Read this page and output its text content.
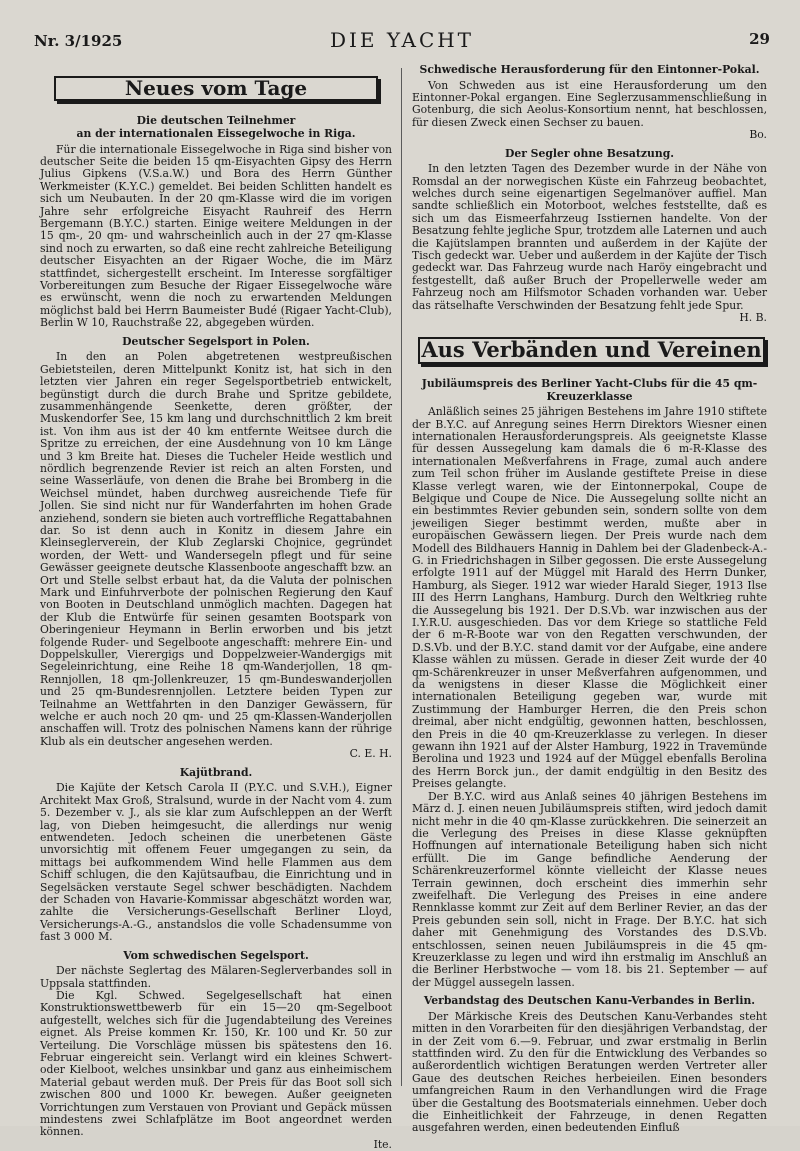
Nr. 3/1925	DIE YACHT	29
Neues vom Tage
Die deutschen Teilnehmer
an der internationalen Eissegelwoche in Riga.

Für die internationale Eissegelwoche in Riga sind bisher von deutscher Seite die beiden 15 qm-Eisyachten Gipsy des Herrn Julius Gipkens (V.S.a.W.) und Bora des Herrn Günther Werkmeister (K.Y.C.) gemeldet. Bei beiden Schlitten handelt es sich um Neubauten. In der 20 qm-Klasse wird die im vorigen Jahre sehr erfolgreiche Eisyacht Rauhreif des Herrn Bergemann (B.Y.C.) starten. Einige weitere Meldungen in der 15 qm-, 20 qm- und wahrscheinlich auch in der 27 qm-Klasse sind noch zu erwarten, so daß eine recht zahlreiche Beteiligung deutscher Eisyachten an der Rigaer Woche, die im März stattfindet, sichergestellt erscheint. Im Interesse sorgfältiger Vorbereitungen zum Besuche der Rigaer Eissegelwoche wäre es erwünscht, wenn die noch zu erwartenden Meldungen möglichst bald bei Herrn Baumeister Budé (Rigaer Yacht-Club), Berlin W 10, Rauchstraße 22, abgegeben würden.

Deutscher Segelsport in Polen.

In den an Polen abgetretenen westpreußischen Gebietsteilen, deren Mittelpunkt Konitz ist, hat sich in den letzten vier Jahren ein reger Segelsportbetrieb entwickelt, begünstigt durch die durch Brahe und Spritze gebildete, zusammenhängende Seenkette, deren größter, der Muskendorfer See, 15 km lang und durchschnittlich 2 km breit ist. Von ihm aus ist der 40 km entfernte Weitsee durch die Spritze zu erreichen, der eine Ausdehnung von 10 km Länge und 3 km Breite hat. Dieses die Tucheler Heide westlich und nördlich begrenzende Revier ist reich an alten Forsten, und seine Wasserläufe, von denen die Brahe bei Bromberg in die Weichsel mündet, haben durchweg ausreichende Tiefe für Jollen. Sie sind nicht nur für Wanderfahrten im hohen Grade anziehend, sondern sie bieten auch vortreffliche Regattabahnen dar. So ist denn auch in Konitz in diesem Jahre ein Kleinseglerverein, der Klub Zeglarski Chojnice, gegründet worden, der Wett- und Wandersegeln pflegt und für seine Gewässer geeignete deutsche Klassenboote angeschafft bzw. an Ort und Stelle selbst erbaut hat, da die Valuta der polnischen Mark und Einfuhrverbote der polnischen Regierung den Kauf von Booten in Deutschland unmöglich machten. Dagegen hat der Klub die Entwürfe für seinen gesamten Bootspark von Oberingenieur Heymann in Berlin erworben und bis jetzt folgende Ruder- und Segelboote angeschafft: mehrere Ein- und Doppelskuller, Vierergigs und Doppelzweier-Wandergigs mit Segeleinrichtung, eine Reihe 18 qm-Wanderjollen, 18 qm-Rennjollen, 18 qm-Jollenkreuzer, 15 qm-Bundeswanderjollen und 25 qm-Bundesrennjollen. Letztere beiden Typen zur Teilnahme an Wettfahrten in den Danziger Gewässern, für welche er auch noch 20 qm- und 25 qm-Klassen-Wanderjollen anschaffen will. Trotz des polnischen Namens kann der rührige Klub als ein deutscher angesehen werden.

C. E. H.
Kajütbrand.

Die Kajüte der Ketsch Carola II (P.Y.C. und S.V.H.), Eigner Architekt Max Groß, Stralsund, wurde in der Nacht vom 4. zum 5. Dezember v. J., als sie klar zum Aufschleppen an der Werft lag, von Dieben heimgesucht, die allerdings nur wenig entwendeten. Jedoch scheinen die unerbetenen Gäste unvorsichtig mit offenem Feuer umgegangen zu sein, da mittags bei aufkommendem Wind helle Flammen aus dem Schiff schlugen, die den Kajütsaufbau, die Einrichtung und in Segelsäcken verstaute Segel schwer beschädigten. Nachdem der Schaden von Havarie-Kommissar abgeschätzt worden war, zahlte die Versicherungs-Gesellschaft Berliner Lloyd, Versicherungs-A.-G., anstandslos die volle Schadensumme von fast 3 000 M.

Vom schwedischen Segelsport.

Der nächste Seglertag des Mälaren-Seglerverbandes soll in Uppsala stattfinden.

Die Kgl. Schwed. Segelgesellschaft hat einen Konstruktionswettbewerb für ein 15—20 qm-Segelboot aufgestellt, welches sich für die Jugendabteilung des Vereines eignet. Als Preise kommen Kr. 150, Kr. 100 und Kr. 50 zur Verteilung. Die Vorschläge müssen bis spätestens den 16. Februar eingereicht sein. Verlangt wird ein kleines Schwert- oder Kielboot, welches unsinkbar und ganz aus einheimischem Material gebaut werden muß. Der Preis für das Boot soll sich zwischen 800 und 1000 Kr. bewegen. Außer geeigneten Vorrichtungen zum Verstauen von Proviant und Gepäck müssen mindestens zwei Schlafplätze im Boot angeordnet werden können.

Ite.
Schwedische Herausforderung für den Eintonner-Pokal.

Von Schweden aus ist eine Herausforderung um den Eintonner-Pokal ergangen. Eine Seglerzusammenschließung in Gotenburg, die sich Aeolus-Konsortium nennt, hat beschlossen, für diesen Zweck einen Sechser zu bauen.

Bo.
Der Segler ohne Besatzung.

In den letzten Tagen des Dezember wurde in der Nähe von Romsdal an der norwegischen Küste ein Fahrzeug beobachtet, welches durch seine eigenartigen Segelmanöver auffiel. Man sandte schließlich ein Motorboot, welches feststellte, daß es sich um das Eismeerfahrzeug Isstiernen handelte. Von der Besatzung fehlte jegliche Spur, trotzdem alle Laternen und auch die Kajütslampen brannten und außerdem in der Kajüte der Tisch gedeckt war. Ueber und außerdem in der Kajüte der Tisch gedeckt war. Das Fahrzeug wurde nach Haröy eingebracht und festgestellt, daß außer Bruch der Propellerwelle weder am Fahrzeug noch am Hilfsmotor Schaden vorhanden war. Ueber das rätselhafte Verschwinden der Besatzung fehlt jede Spur.

H. B.
Aus Verbänden und Vereinen
Jubiläumspreis des Berliner Yacht-Clubs für die 45 qm-Kreuzerklasse

Anläßlich seines 25 jährigen Bestehens im Jahre 1910 stiftete der B.Y.C. auf Anregung seines Herrn Direktors Wiesner einen internationalen Herausforderungspreis. Als geeignetste Klasse für dessen Aussegelung kam damals die 6 m-R-Klasse des internationalen Meßverfahrens in Frage, zumal auch andere zum Teil schon früher im Auslande gestiftete Preise in diese Klasse verlegt waren, wie der Eintonnerpokal, Coupe de Belgique und Coupe de Nice. Die Aussegelung sollte nicht an ein bestimmtes Revier gebunden sein, sondern sollte von dem jeweiligen Sieger bestimmt werden, mußte aber in europäischen Gewässern liegen. Der Preis wurde nach dem Modell des Bildhauers Hannig in Dahlem bei der Gladenbeck-A.-G. in Friedrichshagen in Silber gegossen. Die erste Aussegelung erfolgte 1911 auf der Müggel mit Harald des Herrn Dunker, Hamburg, als Sieger. 1912 war wieder Harald Sieger, 1913 Ilse III des Herrn Langhans, Hamburg. Durch den Weltkrieg ruhte die Aussegelung bis 1921. Der D.S.Vb. war inzwischen aus der I.Y.R.U. ausgeschieden. Das vor dem Kriege so stattliche Feld der 6 m-R-Boote war von den Regatten verschwunden, der D.S.Vb. und der B.Y.C. stand damit vor der Aufgabe, eine andere Klasse wählen zu müssen. Gerade in dieser Zeit wurde der 40 qm-Schärenkreuzer in unser Meßverfahren aufgenommen, und da wenigstens in dieser Klasse die Möglichkeit einer internationalen Beteiligung gegeben war, wurde mit Zustimmung der Hamburger Herren, die den Preis schon dreimal, aber nicht endgültig, gewonnen hatten, beschlossen, den Preis in die 40 qm-Kreuzerklasse zu verlegen. In dieser gewann ihn 1921 auf der Alster Hamburg, 1922 in Travemünde Berolina und 1923 und 1924 auf der Müggel ebenfalls Berolina des Herrn Borck jun., der damit endgültig in den Besitz des Preises gelangte.

Der B.Y.C. wird aus Anlaß seines 40 jährigen Bestehens im März d. J. einen neuen Jubiläumspreis stiften, wird jedoch damit nicht mehr in die 40 qm-Klasse zurückkehren. Die seinerzeit an die Verlegung des Preises in diese Klasse geknüpften Hoffnungen auf internationale Beteiligung haben sich nicht erfüllt. Die im Gange befindliche Aenderung der Schärenkreuzerformel könnte vielleicht der Klasse neues Terrain gewinnen, doch erscheint dies immerhin sehr zweifelhaft. Die Verlegung des Preises in eine andere Rennklasse kommt zur Zeit auf dem Berliner Revier, an das der Preis gebunden sein soll, nicht in Frage. Der B.Y.C. hat sich daher mit Genehmigung des Vorstandes des D.S.Vb. entschlossen, seinen neuen Jubiläumspreis in die 45 qm-Kreuzerklasse zu legen und wird ihn erstmalig im Anschluß an die Berliner Herbstwoche — vom 18. bis 21. September — auf der Müggel aussegeln lassen.

Verbandstag des Deutschen Kanu-Verbandes in Berlin.

Der Märkische Kreis des Deutschen Kanu-Verbandes steht mitten in den Vorarbeiten für den diesjährigen Verbandstag, der in der Zeit vom 6.—9. Februar, und zwar erstmalig in Berlin stattfinden wird. Zu den für die Entwicklung des Verbandes so außerordentlich wichtigen Beratungen werden Vertreter aller Gaue des deutschen Reiches herbeieilen. Einen besonders umfangreichen Raum in den Verhandlungen wird die Frage über die Gestaltung des Bootsmaterials einnehmen. Ueber doch die Einheitlichkeit der Fahrzeuge, in denen Regatten ausgefahren werden, einen bedeutenden Einfluß
